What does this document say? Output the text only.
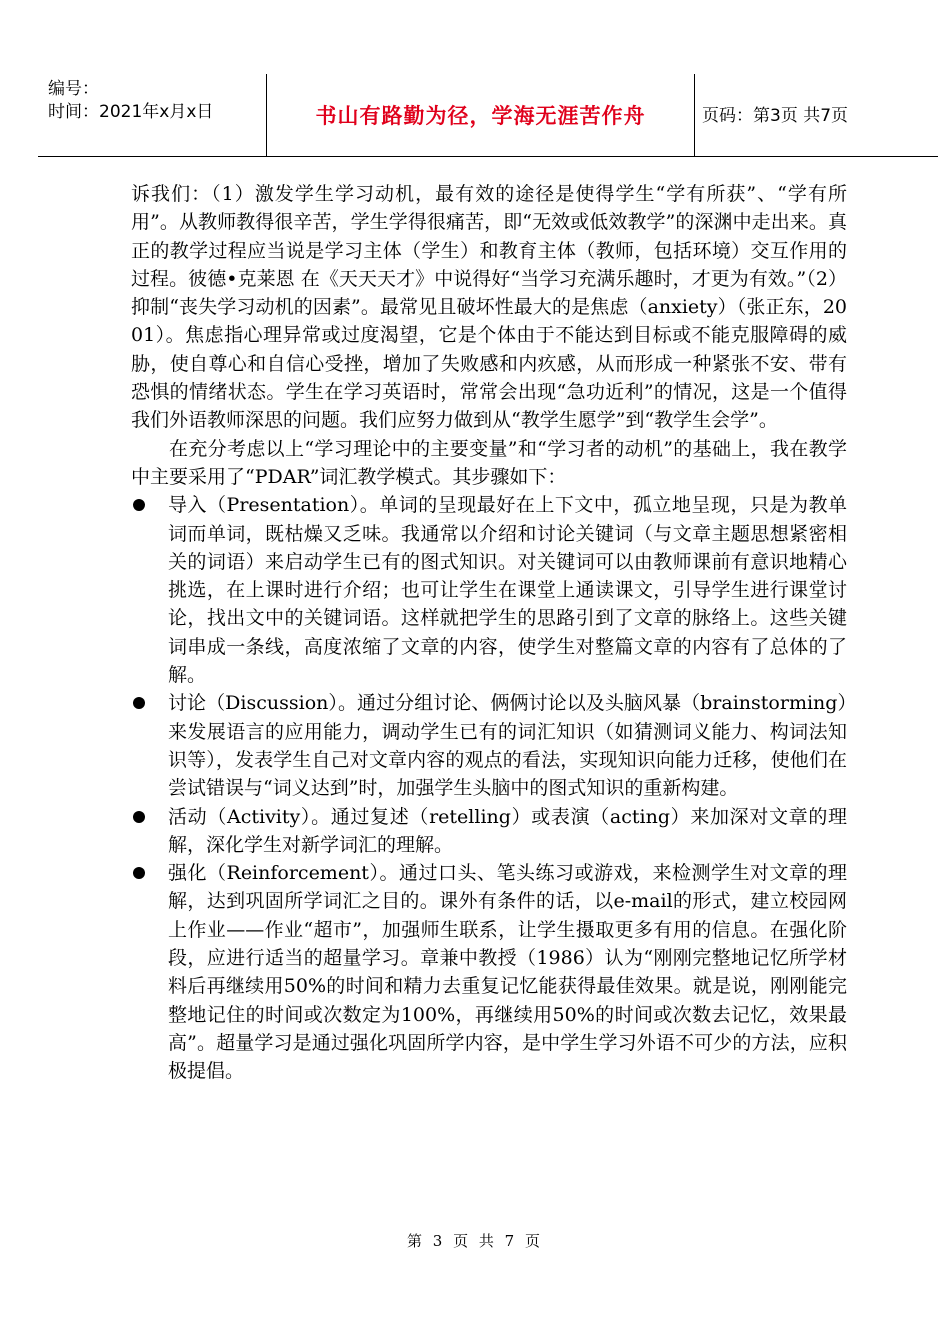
编号：
时间：2021年x月x日	书山有路勤为径，学海无涯苦作舟	页码：第3页 共7页

诉我们：（1）激发学生学习动机，最有效的途径是使得学生“学有所获”、“学有所用”。从教师教得很辛苦，学生学得很痛苦，即“无效或低效教学”的深渊中走出来。真正的教学过程应当说是学习主体（学生）和教育主体（教师，包括环境）交互作用的过程。彼德•克莱恩 在《天天天才》中说得好“当学习充满乐趣时，才更为有效。”（2）抑制“丧失学习动机的因素”。最常见且破坏性最大的是焦虑（anxiety）（张正东，2001）。焦虑指心理异常或过度渴望，它是个体由于不能达到目标或不能克服障碍的威胁，使自尊心和自信心受挫，增加了失败感和内疚感，从而形成一种紧张不安、带有恐惧的情绪状态。学生在学习英语时，常常会出现“急功近利”的情况，这是一个值得我们外语教师深思的问题。我们应努力做到从“教学生愿学”到“教学生会学”。

在充分考虑以上“学习理论中的主要变量”和“学习者的动机”的基础上，我在教学中主要采用了“PDAR”词汇教学模式。其步骤如下：

导入（Presentation）。单词的呈现最好在上下文中，孤立地呈现，只是为教单词而单词，既枯燥又乏味。我通常以介绍和讨论关键词（与文章主题思想紧密相关的词语）来启动学生已有的图式知识。对关键词可以由教师课前有意识地精心挑选，在上课时进行介绍；也可让学生在课堂上通读课文，引导学生进行课堂讨论，找出文中的关键词语。这样就把学生的思路引到了文章的脉络上。这些关键词串成一条线，高度浓缩了文章的内容，使学生对整篇文章的内容有了总体的了解。
讨论（Discussion）。通过分组讨论、俩俩讨论以及头脑风暴（brainstorming）来发展语言的应用能力，调动学生已有的词汇知识（如猜测词义能力、构词法知识等），发表学生自己对文章内容的观点的看法，实现知识向能力迁移，使他们在尝试错误与“词义达到”时，加强学生头脑中的图式知识的重新构建。
活动（Activity）。通过复述（retelling）或表演（acting）来加深对文章的理解，深化学生对新学词汇的理解。
强化（Reinforcement）。通过口头、笔头练习或游戏，来检测学生对文章的理解，达到巩固所学词汇之目的。课外有条件的话，以e-mail的形式，建立校园网上作业——作业“超市”，加强师生联系，让学生摄取更多有用的信息。在强化阶段，应进行适当的超量学习。章兼中教授（1986）认为“刚刚完整地记忆所学材料后再继续用50%的时间和精力去重复记忆能获得最佳效果。就是说，刚刚能完整地记住的时间或次数定为100%，再继续用50%的时间或次数去记忆，效果最高”。超量学习是通过强化巩固所学内容，是中学生学习外语不可少的方法，应积极提倡。
第 3 页 共 7 页
